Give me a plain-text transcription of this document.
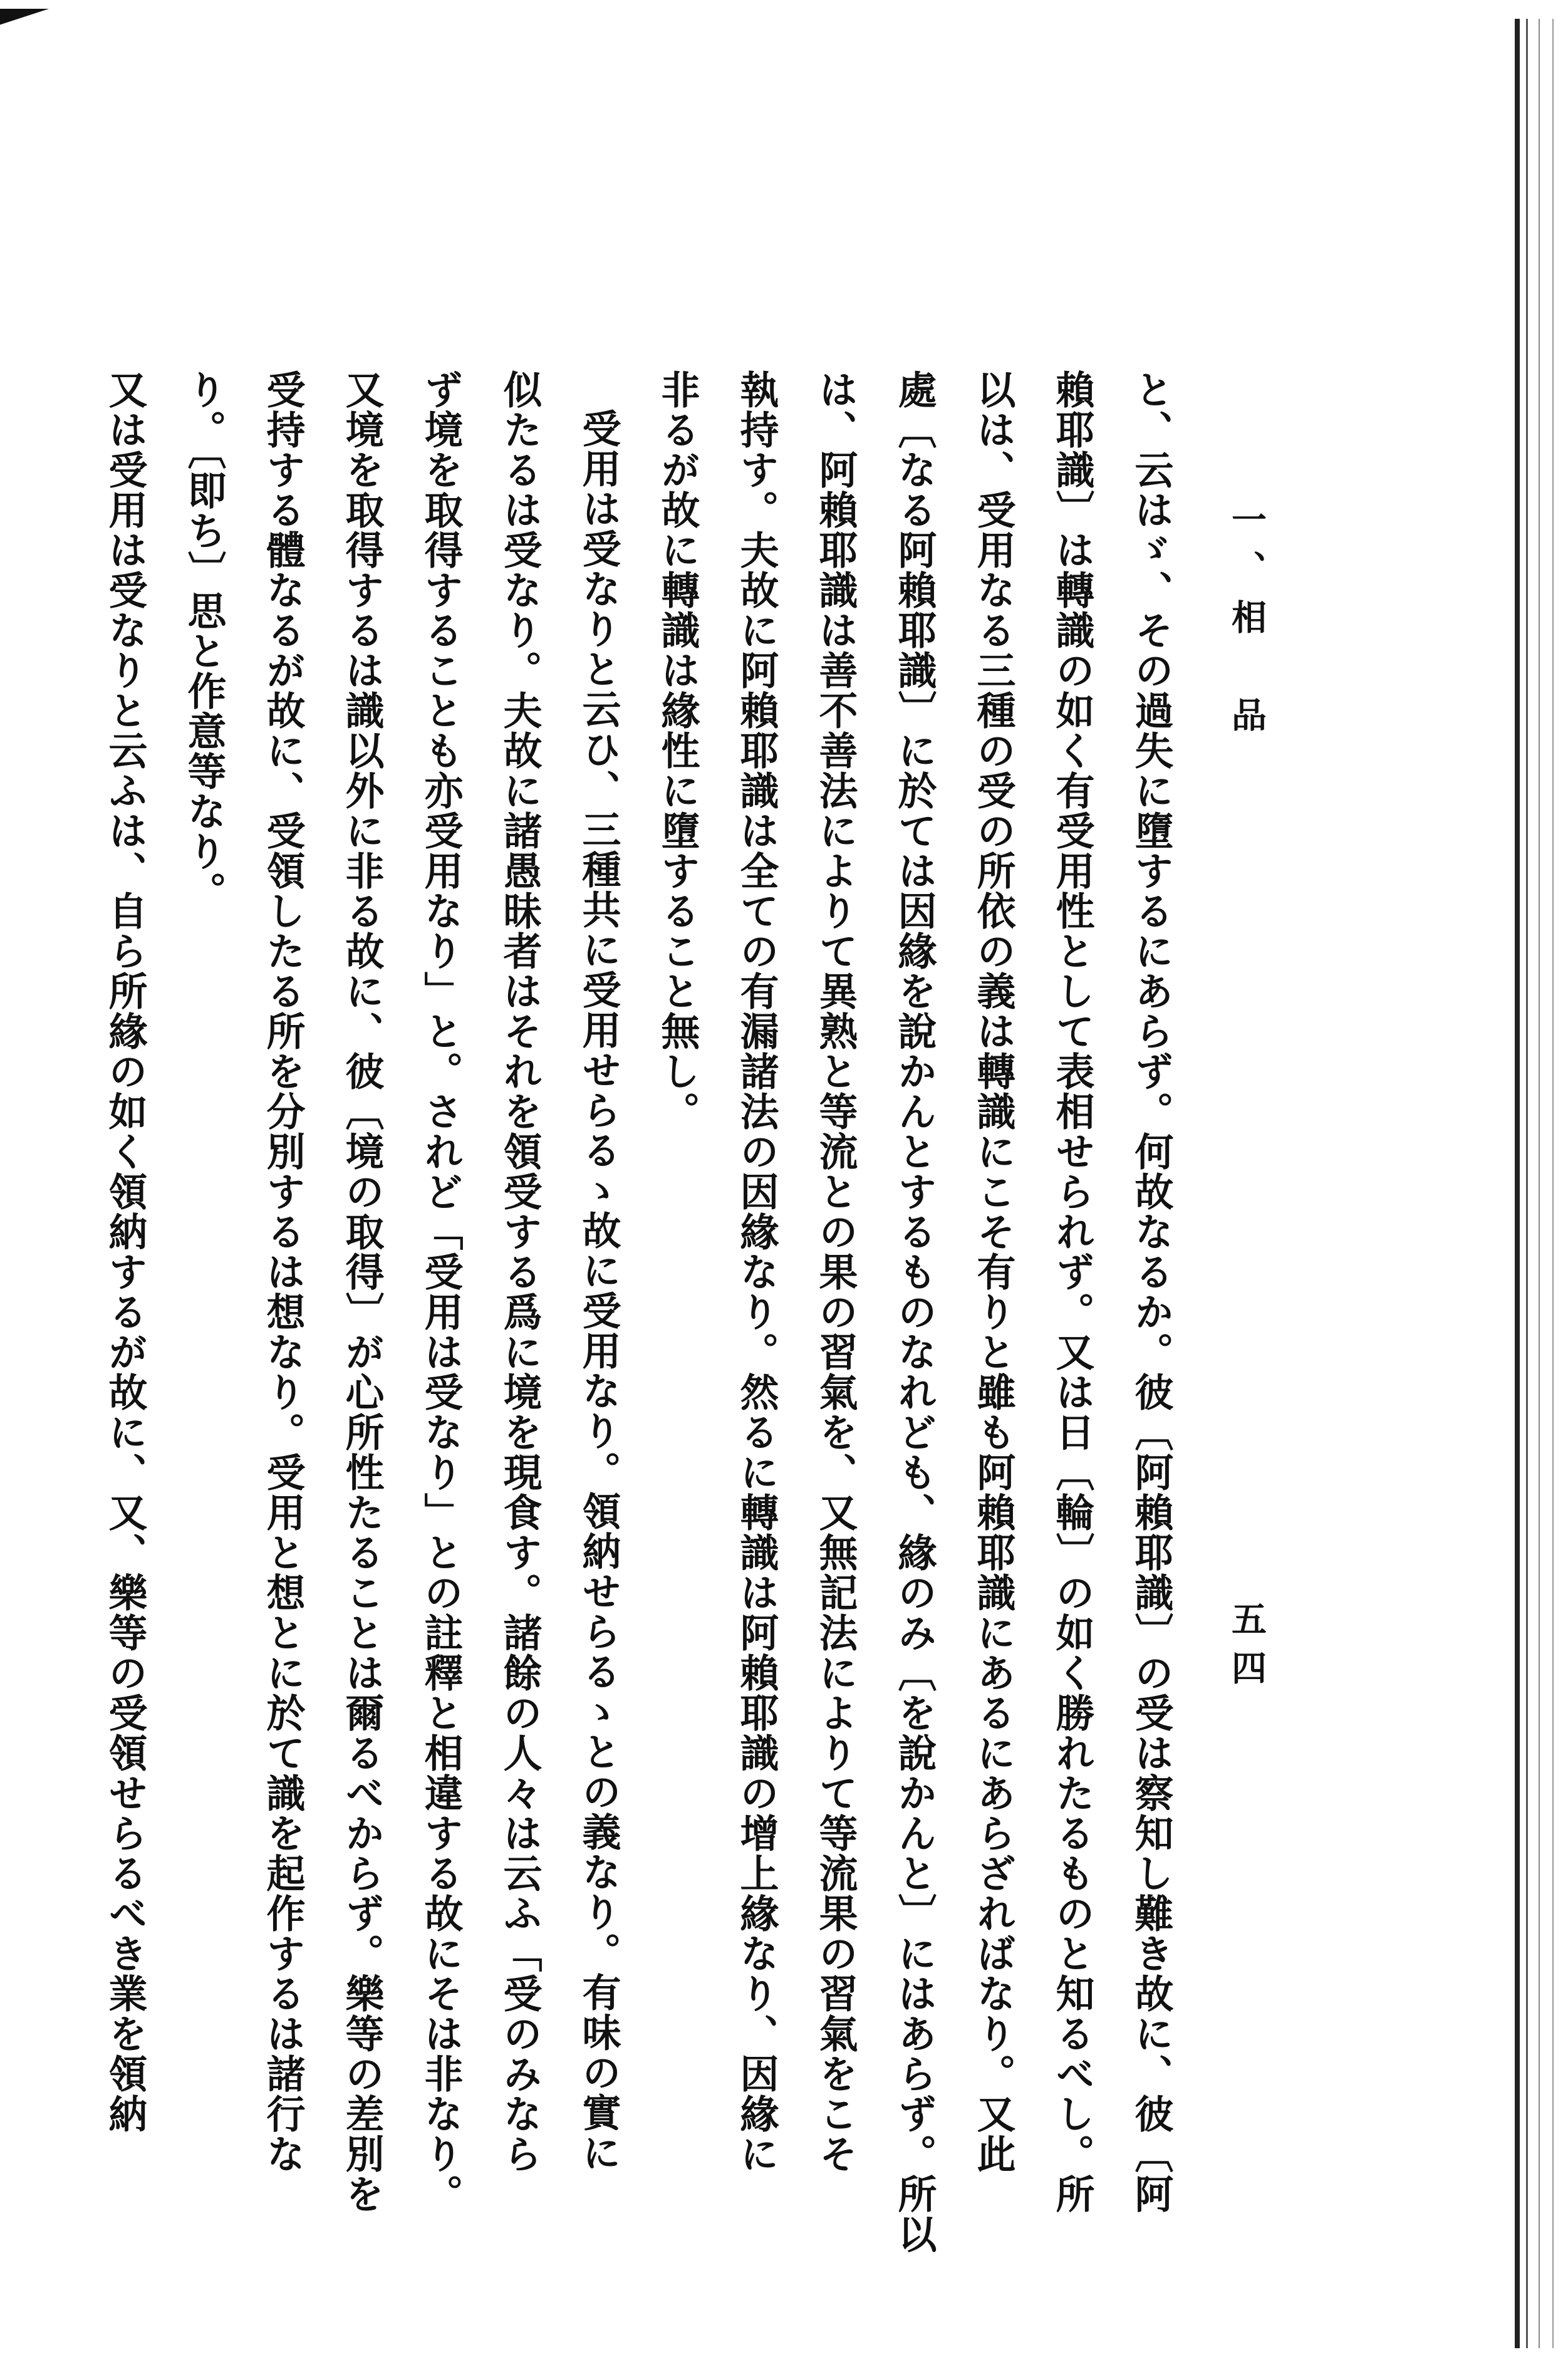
一、相　品
五四
と、云はゞ、その過失に墮するにあらず。何故なるか。彼〔阿賴耶識〕の受は察知し難き故に、彼〔阿
賴耶識〕は轉識の如く有受用性として表相せられず。又は日〔輪〕の如く勝れたるものと知るべし。所
以は、受用なる三種の受の所依の義は轉識にこそ有りと雖も阿賴耶識にあるにあらざればなり。又此
處〔なる阿賴耶識〕に於ては因緣を說かんとするものなれども、緣のみ〔を說かんと〕にはあらず。所以
は、阿賴耶識は善不善法によりて異熟と等流との果の習氣を、又無記法によりて等流果の習氣をこそ
執持す。夫故に阿賴耶識は全ての有漏諸法の因緣なり。然るに轉識は阿賴耶識の增上緣なり、因緣に
非るが故に轉識は緣性に墮すること無し。
受用は受なりと云ひ、三種共に受用せらるゝ故に受用なり。領納せらるゝとの義なり。有味の實に
似たるは受なり。夫故に諸愚昧者はそれを領受する爲に境を現食す。諸餘の人々は云ふ「受のみなら
ず境を取得することも亦受用なり」と。されど「受用は受なり」との註釋と相違する故にそは非なり。
又境を取得するは識以外に非る故に、彼〔境の取得〕が心所性たることは爾るべからず。樂等の差別を
受持する體なるが故に、受領したる所を分別するは想なり。受用と想とに於て識を起作するは諸行な
り。〔即ち〕思と作意等なり。
又は受用は受なりと云ふは、自ら所緣の如く領納するが故に、又、樂等の受領せらるべき業を領納
